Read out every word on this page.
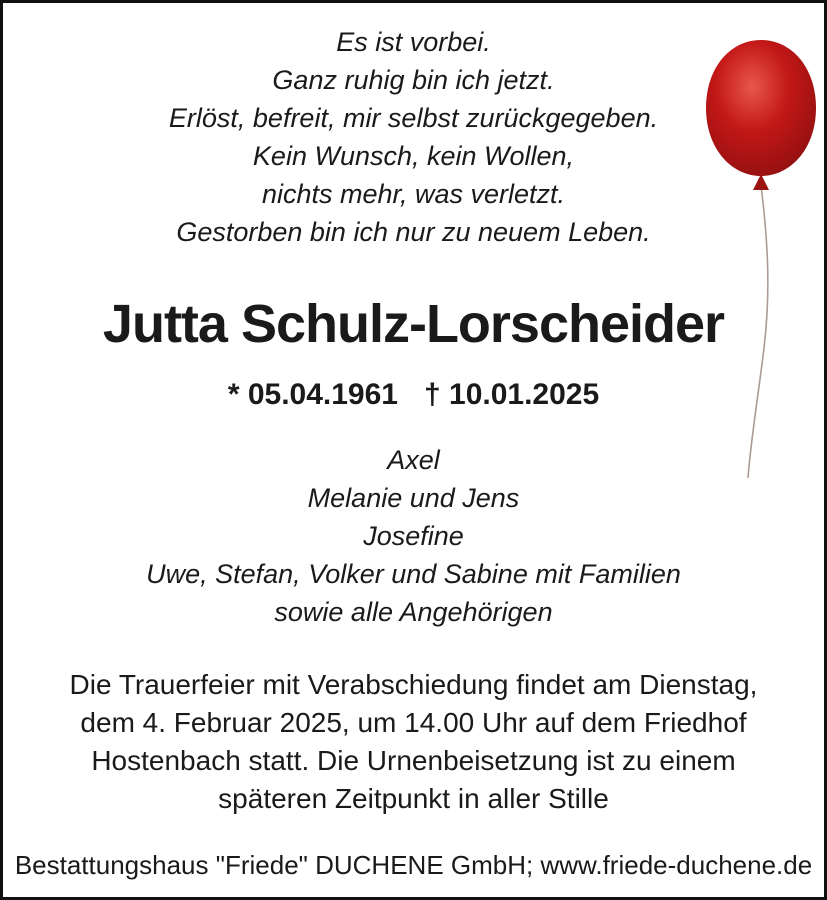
Es ist vorbei.
Ganz ruhig bin ich jetzt.
Erlöst, befreit, mir selbst zurückgegeben.
Kein Wunsch, kein Wollen,
nichts mehr, was verletzt.
Gestorben bin ich nur zu neuem Leben.
Jutta Schulz-Lorscheider
* 05.04.1961 † 10.01.2025
Axel
Melanie und Jens
Josefine
Uwe, Stefan, Volker und Sabine mit Familien
sowie alle Angehörigen
Die Trauerfeier mit Verabschiedung findet am Dienstag,
dem 4. Februar 2025, um 14.00 Uhr auf dem Friedhof
Hostenbach statt. Die Urnenbeisetzung ist zu einem
späteren Zeitpunkt in aller Stille
Bestattungshaus "Friede" DUCHENE GmbH; www.friede-duchene.de
